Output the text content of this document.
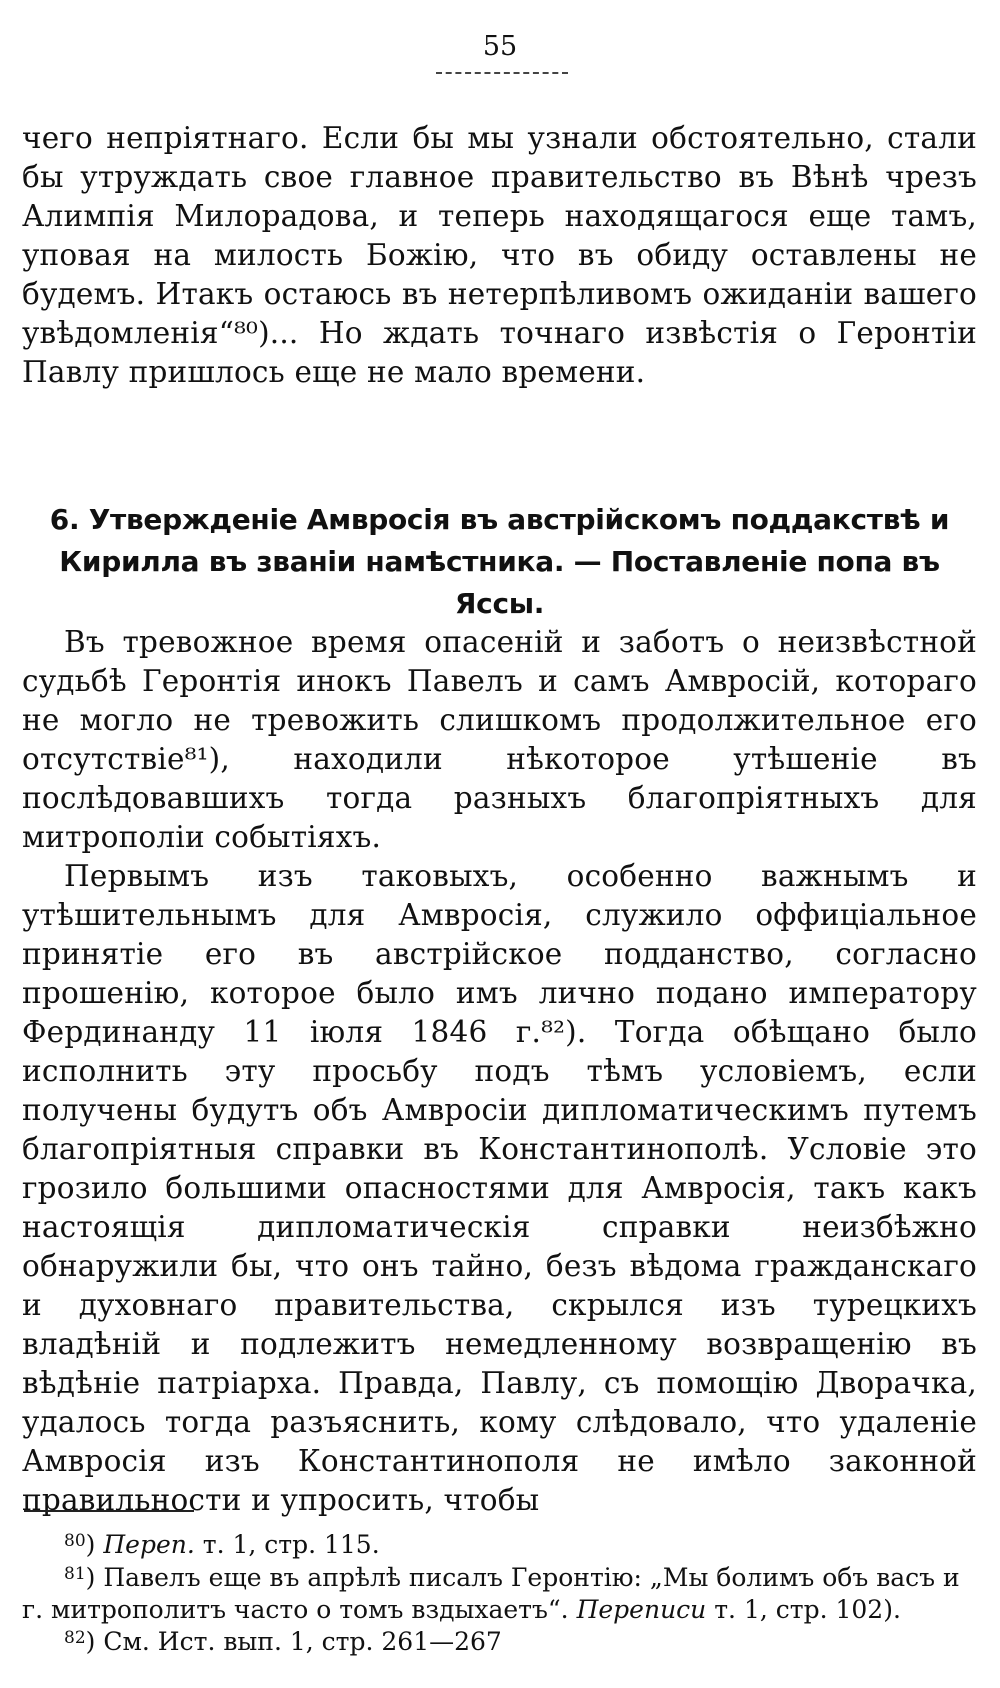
55

чего непріятнаго. Если бы мы узнали обстоятельно, стали бы утруждать свое главное правительство въ Вѣнѣ чрезъ Алимпія Милорадова, и теперь находящагося еще тамъ, уповая на милость Божію, что въ обиду оставлены не будемъ. Итакъ остаюсь въ нетерпѣливомъ ожиданіи вашего увѣдомленія“⁸⁰)... Но ждать точнаго извѣстія о Геронтіи Павлу пришлось еще не мало времени.

6. Утвержденіе Амвросія въ австрійскомъ поддакствѣ и Кирилла въ званіи намѣстника. — Поставленіе попа въ Яссы.

Въ тревожное время опасеній и заботъ о неизвѣстной судьбѣ Геронтія инокъ Павелъ и самъ Амвросій, котораго не могло не тревожить слишкомъ продолжительное его отсутствіе⁸¹), находили нѣкоторое утѣшеніе въ послѣдовавшихъ тогда разныхъ благопріятныхъ для митрополіи событіяхъ.

Первымъ изъ таковыхъ, особенно важнымъ и утѣшительнымъ для Амвросія, служило оффиціальное принятіе его въ австрійское подданство, согласно прошенію, которое было имъ лично подано императору Фердинанду 11 іюля 1846 г.⁸²). Тогда обѣщано было исполнить эту просьбу подъ тѣмъ условіемъ, если получены будутъ объ Амвросіи дипломатическимъ путемъ благопріятныя справки въ Константинополѣ. Условіе это грозило большими опасностями для Амвросія, такъ какъ настоящія дипломатическія справки неизбѣжно обнаружили бы, что онъ тайно, безъ вѣдома гражданскаго и духовнаго правительства, скрылся изъ турецкихъ владѣній и подлежитъ немедленному возвращенію въ вѣдѣніе патріарха. Правда, Павлу, съ помощію Дворачка, удалось тогда разъяснить, кому слѣдовало, что удаленіе Амвросія изъ Константинополя не имѣло законной правильности и упросить, чтобы

$^{80}$) Переп. т. 1, стр. 115.

$^{81}$) Павелъ еще въ апрѣлѣ писалъ Геронтію: „Мы болимъ объ васъ и г. митрополитъ часто о томъ вздыхаетъ“. Переписи т. 1, стр. 102).

$^{82}$) См. Ист. вып. 1, стр. 261—267
